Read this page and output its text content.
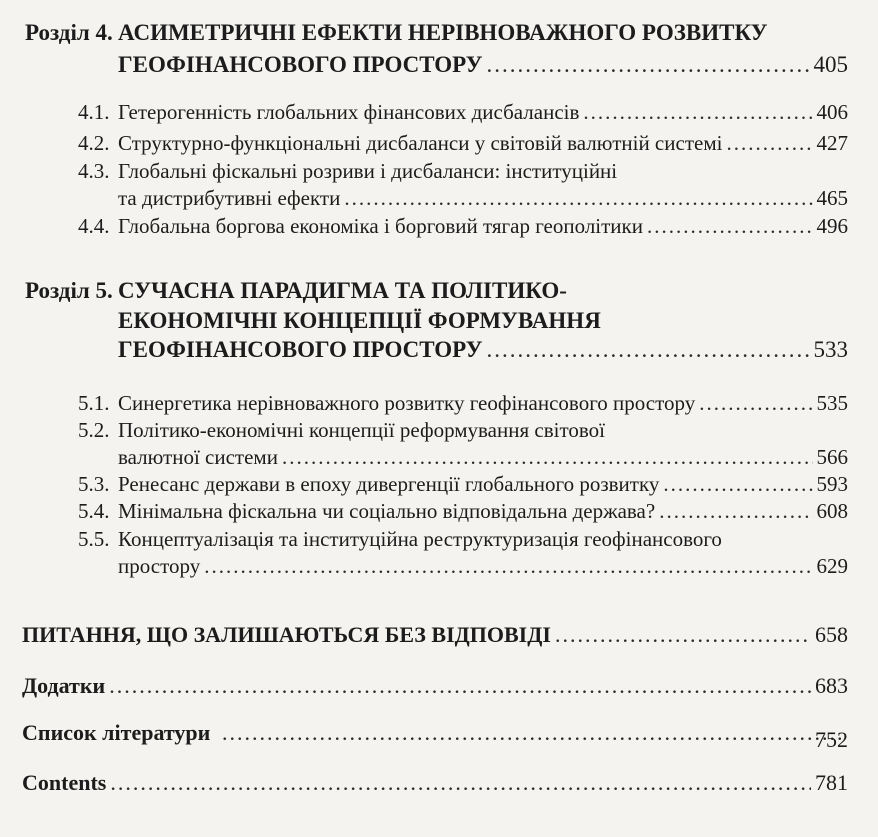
Розділ 4. АСИМЕТРИЧНІ ЕФЕКТИ НЕРІВНОВАЖНОГО РОЗВИТКУ
ГЕОФІНАНСОВОГО ПРОСТОРУ .....	405
4.1. Гетерогенність глобальних фінансових дисбалансів .....	406
4.2. Структурно-функціональні дисбаланси у світовій валютній системі .....	427
4.3. Глобальні фіскальні розриви і дисбаланси: інституційні
та дистрибутивні ефекти .....	465
4.4. Глобальна боргова економіка і борговий тягар геополітики .....	496
Розділ 5. СУЧАСНА ПАРАДИГМА ТА ПОЛІТИКО-
ЕКОНОМІЧНІ КОНЦЕПЦІЇ ФОРМУВАННЯ
ГЕОФІНАНСОВОГО ПРОСТОРУ .....	533
5.1. Синергетика нерівноважного розвитку геофінансового простору .....	535
5.2. Політико-економічні концепції реформування світової
валютної системи .....	566
5.3. Ренесанс держави в епоху дивергенції глобального розвитку .....	593
5.4. Мінімальна фіскальна чи соціально відповідальна держава? .....	608
5.5. Концептуалізація та інституційна реструктуризація геофінансового
простору .....	629
ПИТАННЯ, ЩО ЗАЛИШАЮТЬСЯ БЕЗ ВІДПОВІДІ .....	658
Додатки .....	683
Список літератури .....	752
Contents .....	781
